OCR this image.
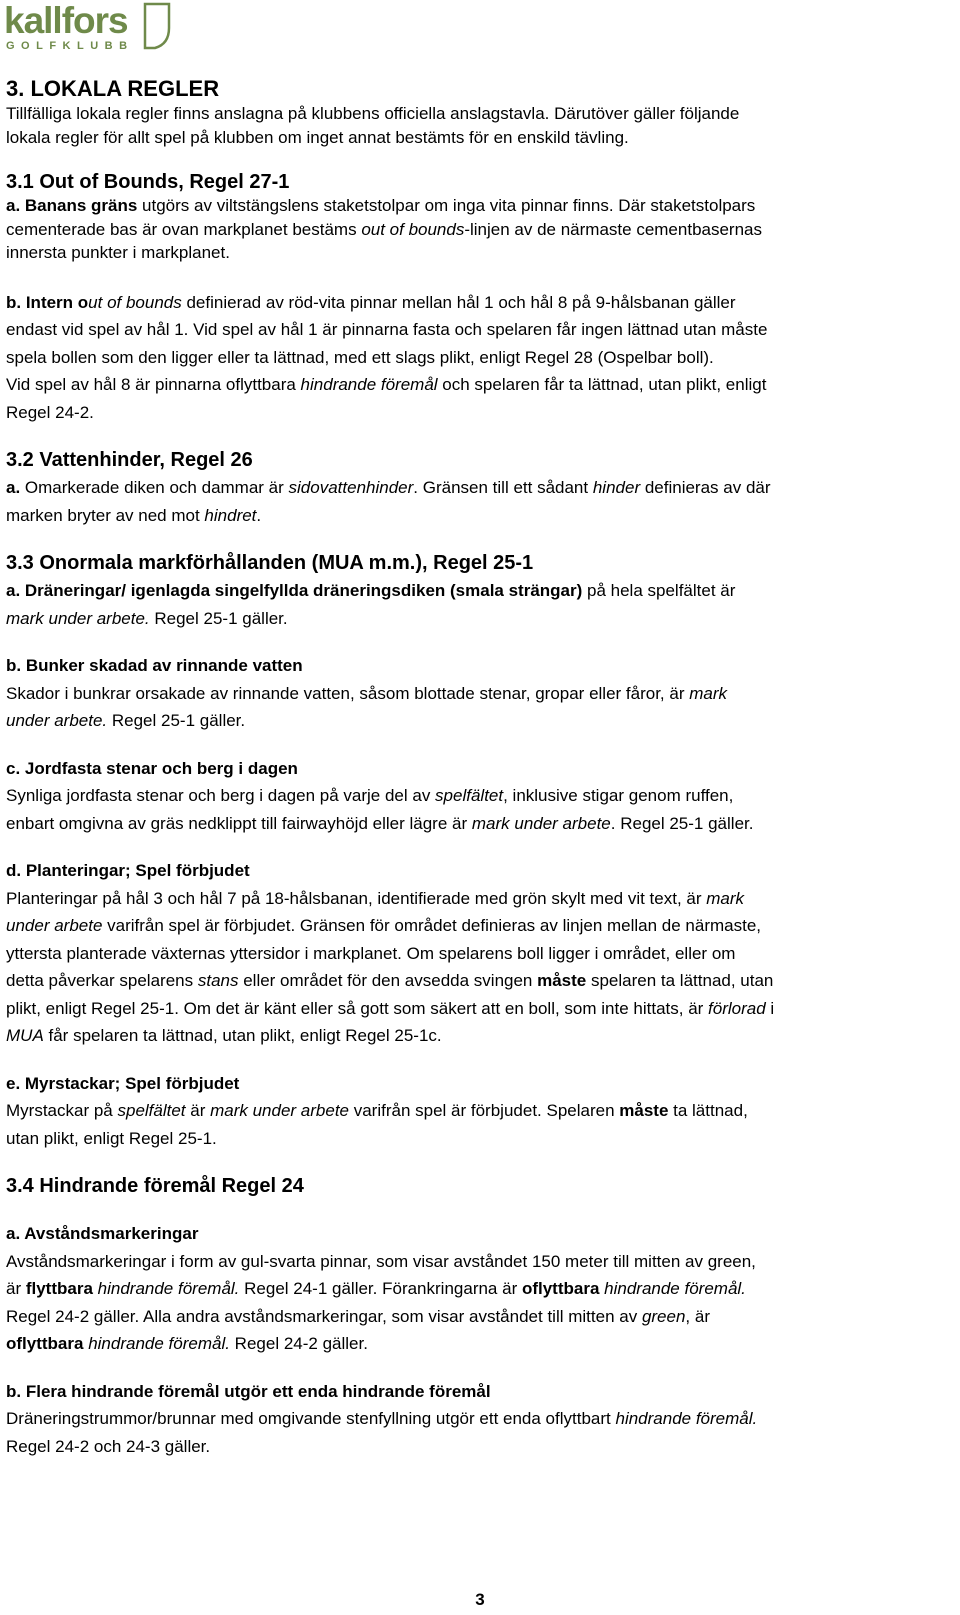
kallfors
GOLFKLUBB
3. LOKALA REGLER

Tillfälliga lokala regler finns anslagna på klubbens officiella anslagstavla. Därutöver gäller följande

lokala regler för allt spel på klubben om inget annat bestämts för en enskild tävling.

3.1 Out of Bounds, Regel 27-1

a. Banans gräns utgörs av viltstängslens staketstolpar om inga vita pinnar finns. Där staketstolpars

cementerade bas är ovan markplanet bestäms out of bounds-linjen av de närmaste cementbasernas

innersta punkter i markplanet.

b. Intern out of bounds definierad av röd-vita pinnar mellan hål 1 och hål 8 på 9-hålsbanan gäller

endast vid spel av hål 1. Vid spel av hål 1 är pinnarna fasta och spelaren får ingen lättnad utan måste

spela bollen som den ligger eller ta lättnad, med ett slags plikt, enligt Regel 28 (Ospelbar boll).

Vid spel av hål 8 är pinnarna oflyttbara hindrande föremål och spelaren får ta lättnad, utan plikt, enligt

Regel 24-2.

3.2 Vattenhinder, Regel 26

a. Omarkerade diken och dammar är sidovattenhinder. Gränsen till ett sådant hinder definieras av där

marken bryter av ned mot hindret.

3.3 Onormala markförhållanden (MUA m.m.), Regel 25-1

a. Dräneringar/ igenlagda singelfyllda dräneringsdiken (smala strängar) på hela spelfältet är

mark under arbete. Regel 25-1 gäller.

b. Bunker skadad av rinnande vatten

Skador i bunkrar orsakade av rinnande vatten, såsom blottade stenar, gropar eller fåror, är mark

under arbete. Regel 25-1 gäller.

c. Jordfasta stenar och berg i dagen

Synliga jordfasta stenar och berg i dagen på varje del av spelfältet, inklusive stigar genom ruffen,

enbart omgivna av gräs nedklippt till fairwayhöjd eller lägre är mark under arbete. Regel 25-1 gäller.

d. Planteringar; Spel förbjudet

Planteringar på hål 3 och hål 7 på 18-hålsbanan, identifierade med grön skylt med vit text, är mark

under arbete varifrån spel är förbjudet. Gränsen för området definieras av linjen mellan de närmaste,

yttersta planterade växternas yttersidor i markplanet. Om spelarens boll ligger i området, eller om

detta påverkar spelarens stans eller området för den avsedda svingen måste spelaren ta lättnad, utan

plikt, enligt Regel 25-1. Om det är känt eller så gott som säkert att en boll, som inte hittats, är förlorad i

MUA får spelaren ta lättnad, utan plikt, enligt Regel 25-1c.

e. Myrstackar; Spel förbjudet

Myrstackar på spelfältet är mark under arbete varifrån spel är förbjudet. Spelaren måste ta lättnad,

utan plikt, enligt Regel 25-1.

3.4 Hindrande föremål Regel 24

a. Avståndsmarkeringar

Avståndsmarkeringar i form av gul-svarta pinnar, som visar avståndet 150 meter till mitten av green,

är flyttbara hindrande föremål. Regel 24-1 gäller. Förankringarna är oflyttbara hindrande föremål.

Regel 24-2 gäller. Alla andra avståndsmarkeringar, som visar avståndet till mitten av green, är

oflyttbara hindrande föremål. Regel 24-2 gäller.

b. Flera hindrande föremål utgör ett enda hindrande föremål

Dräneringstrummor/brunnar med omgivande stenfyllning utgör ett enda oflyttbart hindrande föremål.

Regel 24-2 och 24-3 gäller.

3
